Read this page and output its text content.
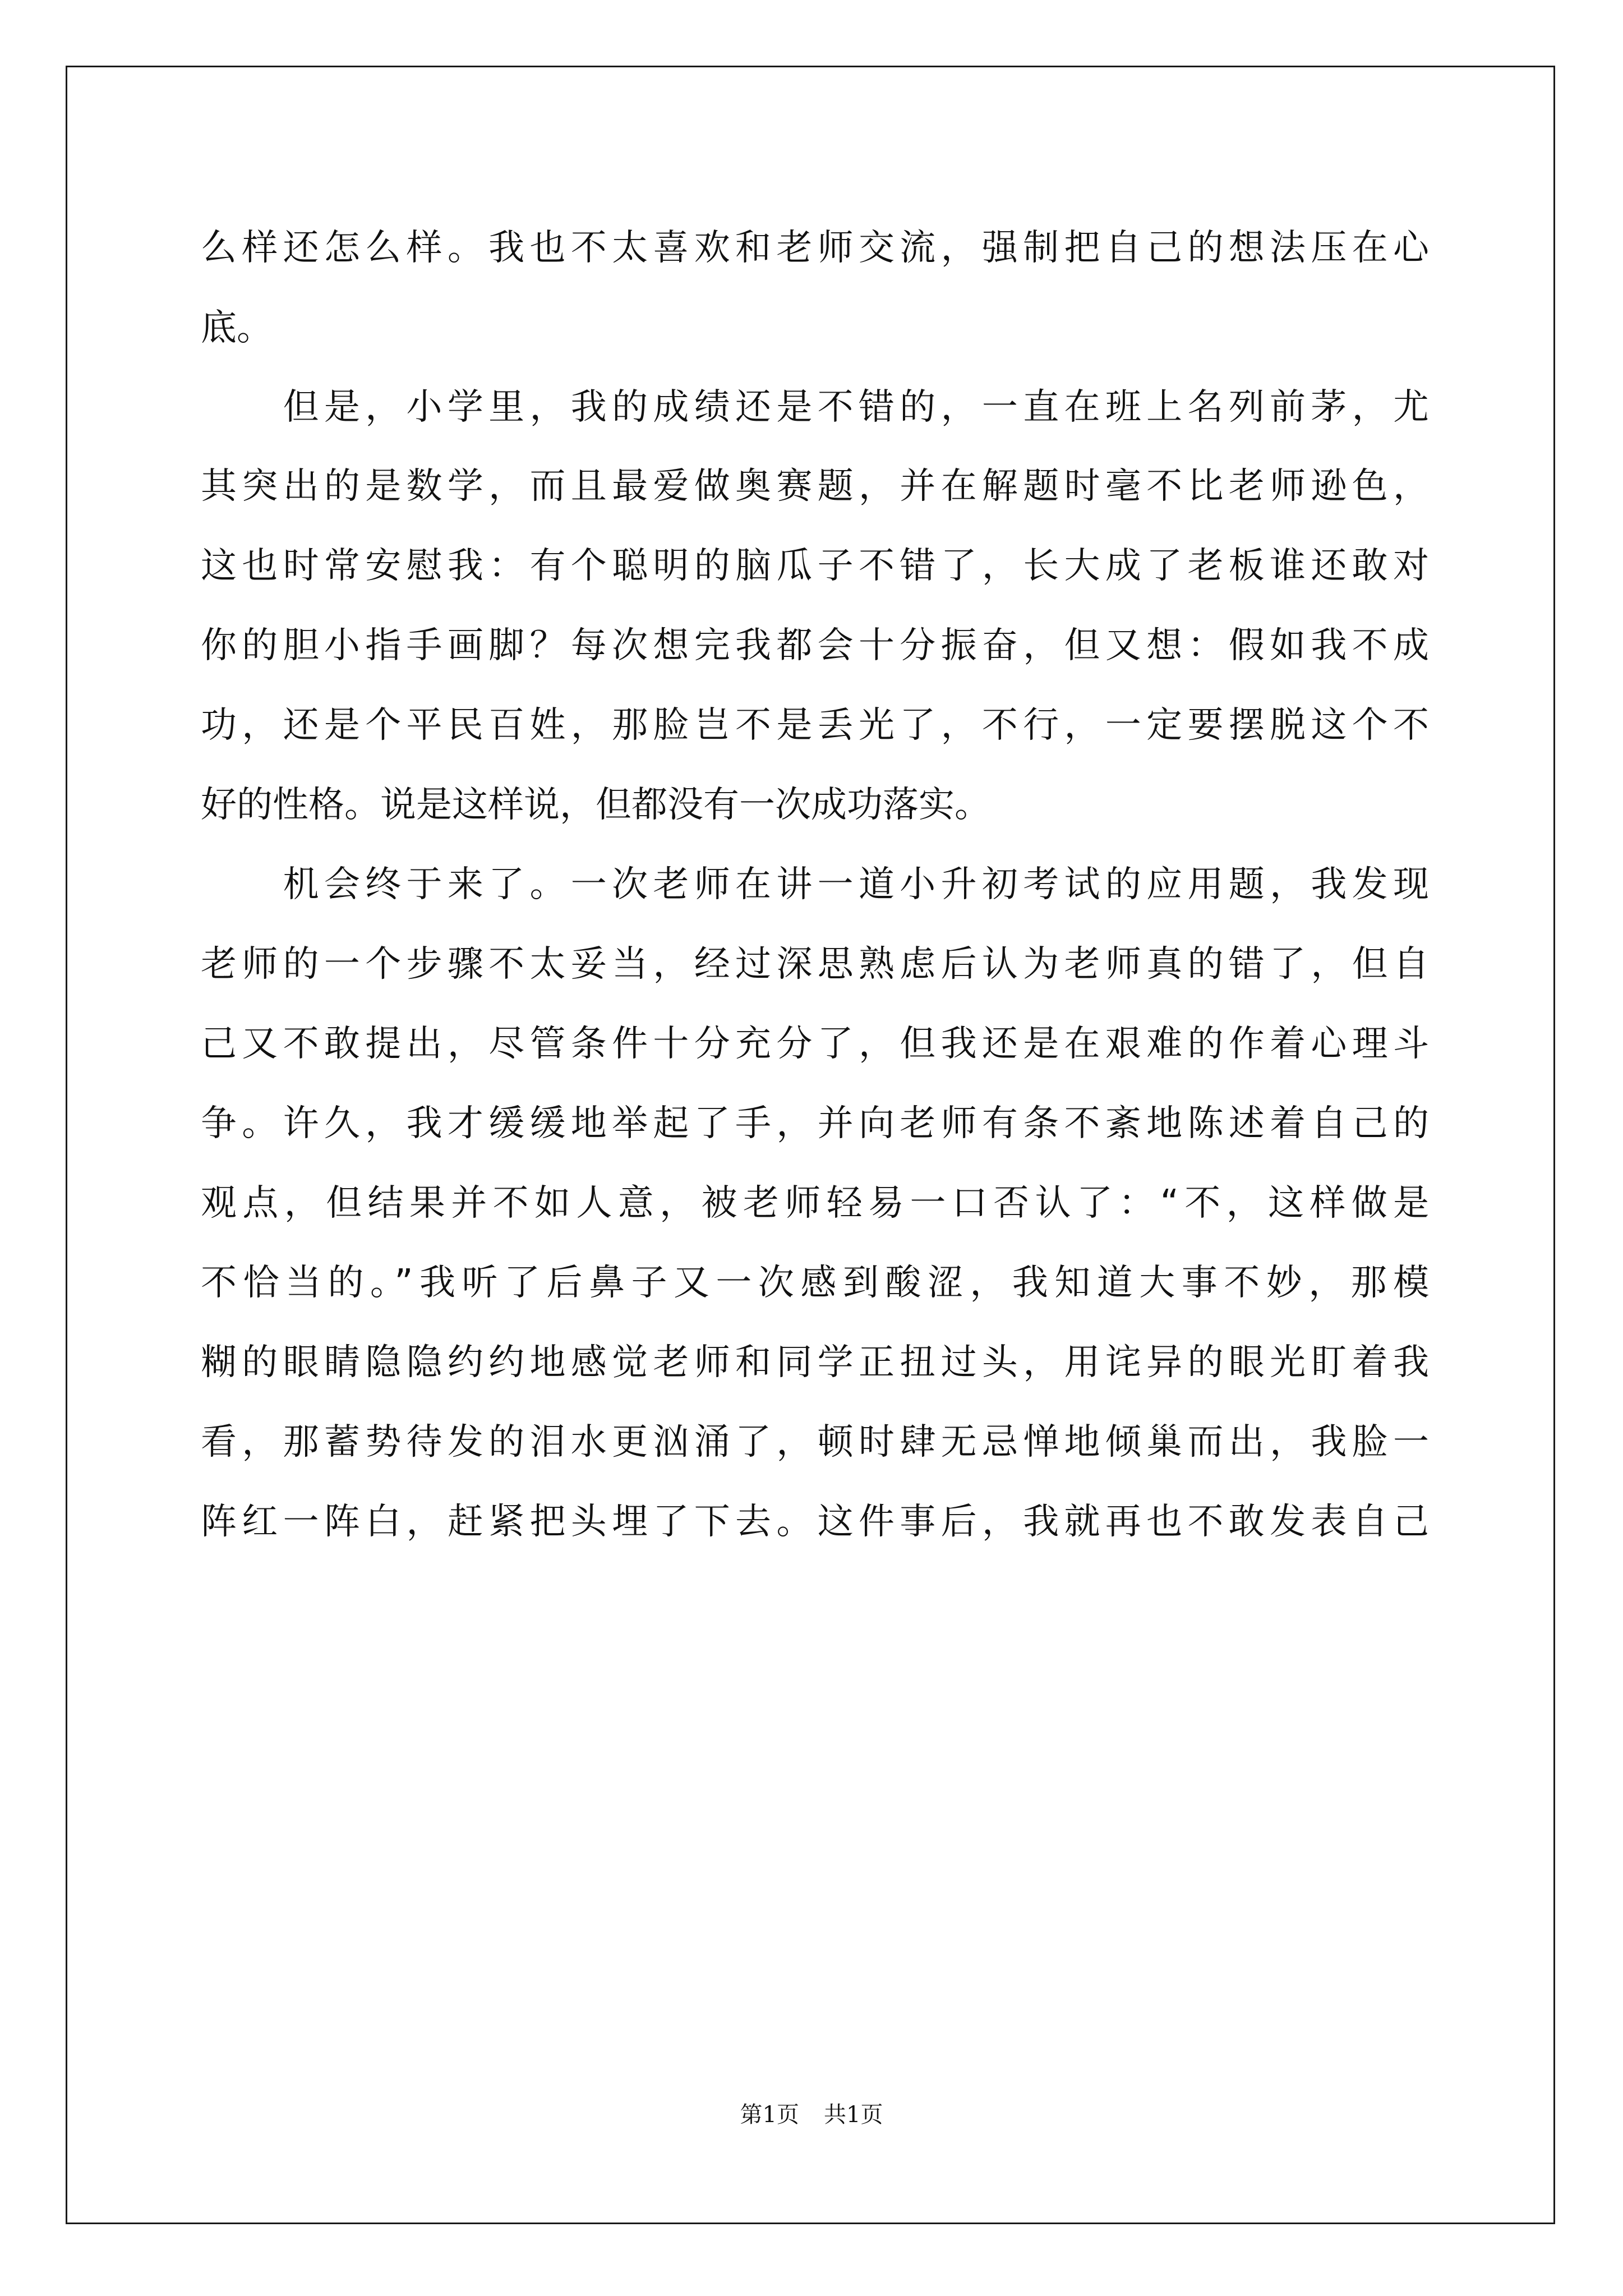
么样还怎么样。我也不太喜欢和老师交流，强制把自己的想法压在心
底。
　　但是，小学里，我的成绩还是不错的，一直在班上名列前茅，尤
其突出的是数学，而且最爱做奥赛题，并在解题时毫不比老师逊色，
这也时常安慰我：有个聪明的脑瓜子不错了，长大成了老板谁还敢对
你的胆小指手画脚？每次想完我都会十分振奋，但又想：假如我不成
功，还是个平民百姓，那脸岂不是丢光了，不行，一定要摆脱这个不
好的性格。说是这样说，但都没有一次成功落实。
　　机会终于来了。一次老师在讲一道小升初考试的应用题，我发现
老师的一个步骤不太妥当，经过深思熟虑后认为老师真的错了，但自
己又不敢提出，尽管条件十分充分了，但我还是在艰难的作着心理斗
争。许久，我才缓缓地举起了手，并向老师有条不紊地陈述着自己的
观点，但结果并不如人意，被老师轻易一口否认了：“不，这样做是
不恰当的。”我听了后鼻子又一次感到酸涩，我知道大事不妙，那模
糊的眼睛隐隐约约地感觉老师和同学正扭过头，用诧异的眼光盯着我
看，那蓄势待发的泪水更汹涌了，顿时肆无忌惮地倾巢而出，我脸一
阵红一阵白，赶紧把头埋了下去。这件事后，我就再也不敢发表自己
第1页 共1页
